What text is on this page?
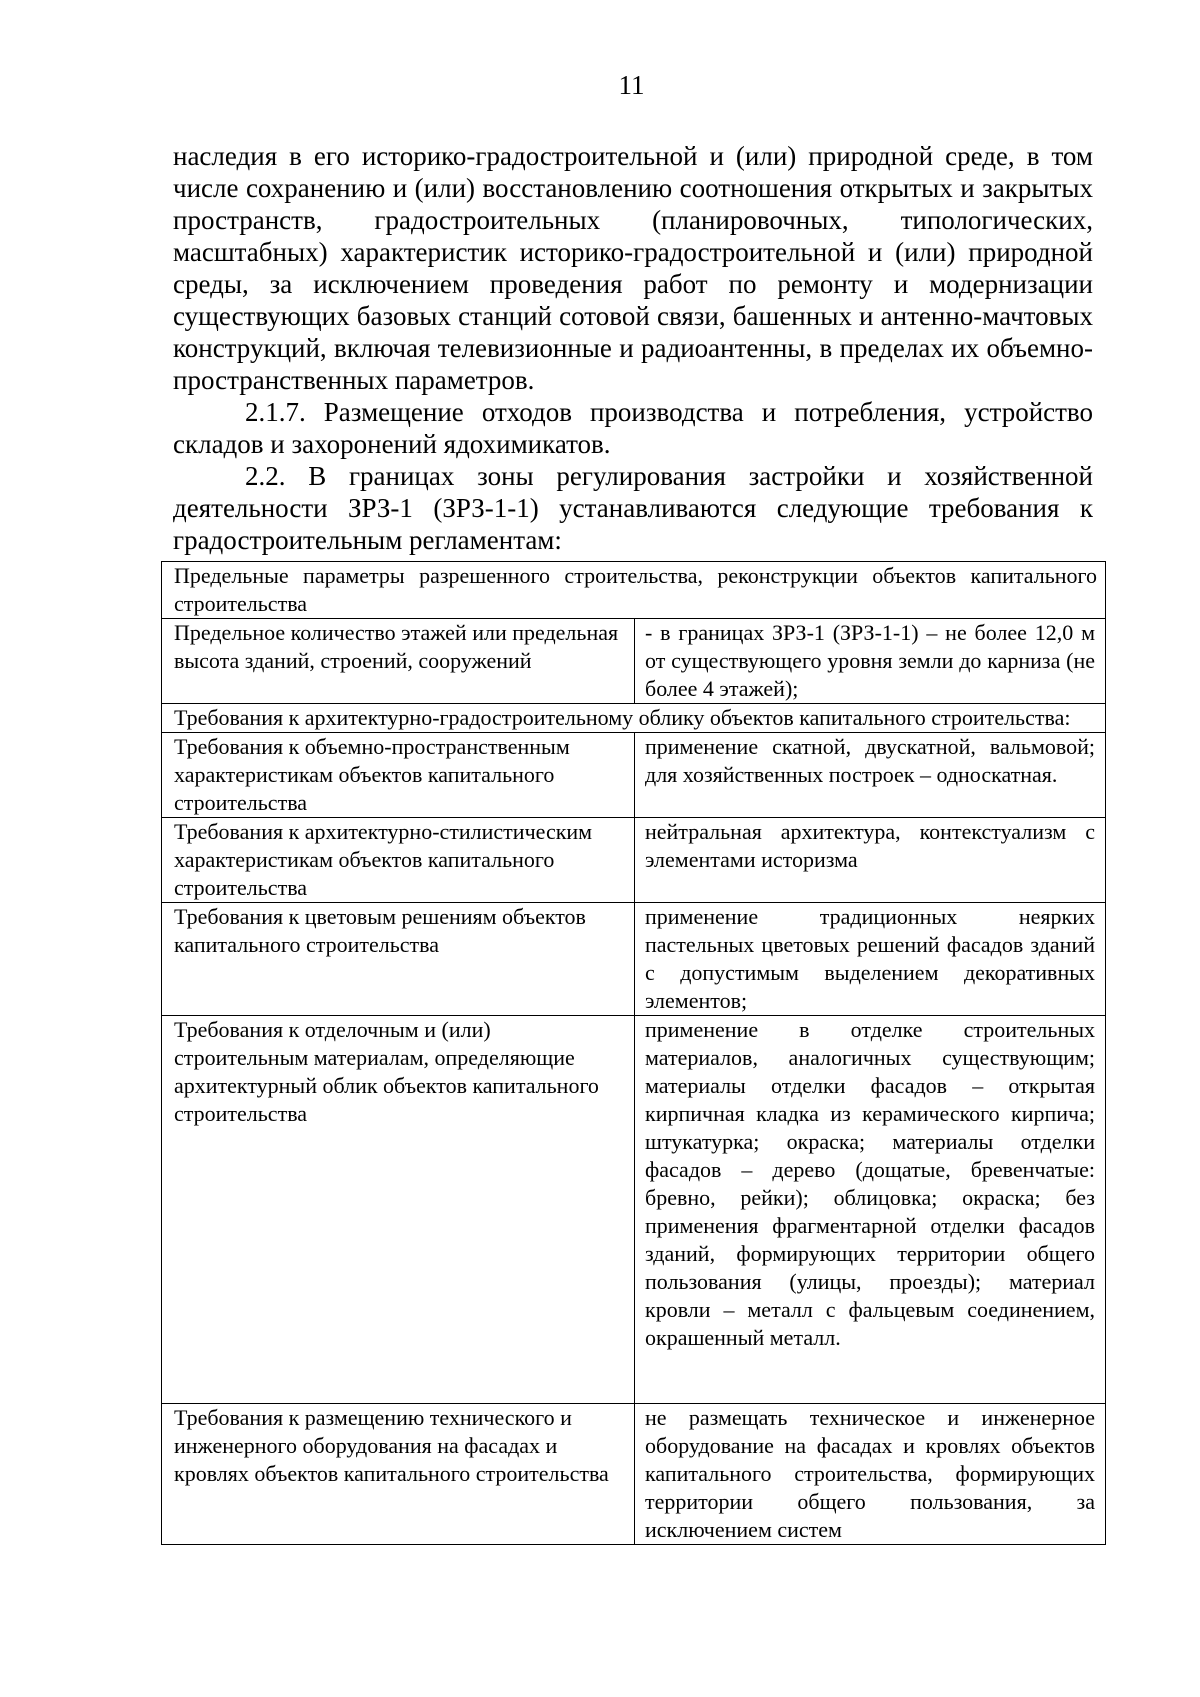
11

наследия в его историко-градостроительной и (или) природной среде, в том числе сохранению и (или) восстановлению соотношения открытых и закрытых пространств, градостроительных (планировочных, типологических, масштабных) характеристик историко-градостроительной и (или) природной среды, за исключением проведения работ по ремонту и модернизации существующих базовых станций сотовой связи, башенных и антенно-мачтовых конструкций, включая телевизионные и радиоантенны, в пределах их объемно-пространственных параметров.

2.1.7. Размещение отходов производства и потребления, устройство складов и захоронений ядохимикатов.

2.2. В границах зоны регулирования застройки и хозяйственной деятельности ЗРЗ-1 (ЗРЗ-1-1) устанавливаются следующие требования к градостроительным регламентам:

Предельные параметры разрешенного строительства, реконструкции объектов капитального строительства	
Предельное количество этажей или предельная высота зданий, строений, сооружений	- в границах ЗРЗ-1 (ЗРЗ-1-1) – не более 12,0 м от существующего уровня земли до карниза (не более 4 этажей);
Требования к архитектурно-градостроительному облику объектов капитального строительства:	
Требования к объемно-пространственным характеристикам объектов капитального строительства	применение скатной, двускатной, вальмовой; для хозяйственных построек – односкатная.
Требования к архитектурно-стилистическим характеристикам объектов капитального строительства	нейтральная архитектура, контекстуализм с элементами историзма
Требования к цветовым решениям объектов капитального строительства	применение традиционных неярких пастельных цветовых решений фасадов зданий с допустимым выделением декоративных элементов;
Требования к отделочным и (или) строительным материалам, определяющие архитектурный облик объектов капитального строительства	применение в отделке строительных материалов, аналогичных существующим; материалы отделки фасадов – открытая кирпичная кладка из керамического кирпича; штукатурка; окраска; материалы отделки фасадов – дерево (дощатые, бревенчатые: бревно, рейки); облицовка; окраска; без применения фрагментарной отделки фасадов зданий, формирующих территории общего пользования (улицы, проезды); материал кровли – металл с фальцевым соединением, окрашенный металл.
Требования к размещению технического и инженерного оборудования на фасадах и кровлях объектов капитального строительства	не размещать техническое и инженерное оборудование на фасадах и кровлях объектов капитального строительства, формирующих территории общего пользования, за исключением систем
